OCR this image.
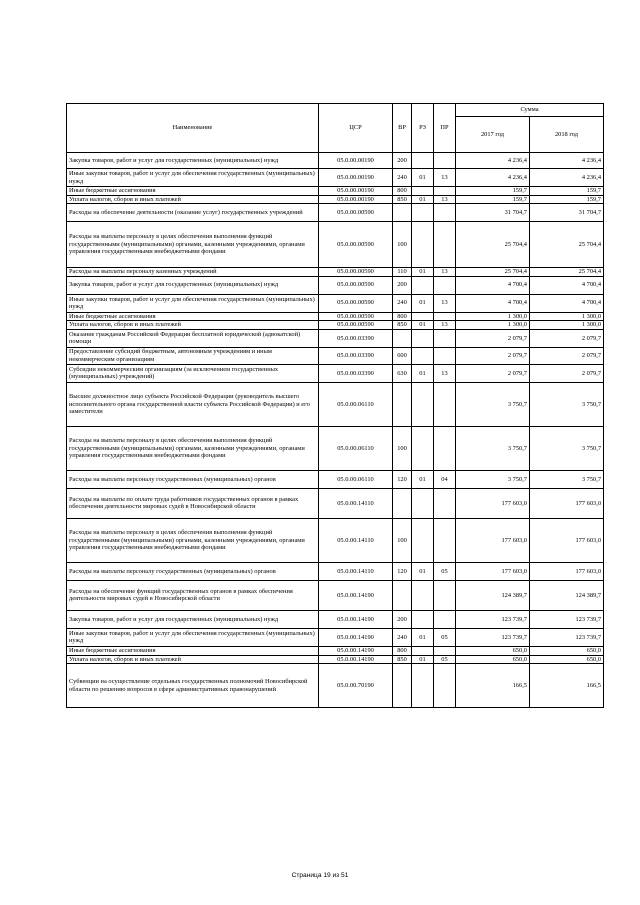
Наименование	ЦСР	ВР	РЗ	ПР	Сумма	
					2017 год	2018 год
Закупка товаров, работ и услуг для государственных (муниципальных) нужд	05.0.00.00190	200			4 236,4	4 236,4
Иные закупки товаров, работ и услуг для обеспечения государственных (муниципальных) нужд	05.0.00.00190	240	01	13	4 236,4	4 236,4
Иные бюджетные ассигнования	05.0.00.00190	800			159,7	159,7
Уплата налогов, сборов и иных платежей	05.0.00.00190	850	01	13	159,7	159,7
Расходы на обеспечение деятельности (оказание услуг) государственных учреждений	05.0.00.00590				31 704,7	31 704,7
Расходы на выплаты персоналу в целях обеспечения выполнения функций государственными (муниципальными) органами, казенными учреждениями, органами управления государственными внебюджетными фондами	05.0.00.00590	100			25 704,4	25 704,4
Расходы на выплаты персоналу казенных учреждений	05.0.00.00590	110	01	13	25 704,4	25 704,4
Закупка товаров, работ и услуг для государственных (муниципальных) нужд	05.0.00.00590	200			4 700,4	4 700,4
Иные закупки товаров, работ и услуг для обеспечения государственных (муниципальных) нужд	05.0.00.00590	240	01	13	4 700,4	4 700,4
Иные бюджетные ассигнования	05.0.00.00590	800			1 300,0	1 300,0
Уплата налогов, сборов и иных платежей	05.0.00.00590	850	01	13	1 300,0	1 300,0
Оказание гражданам Российской Федерации бесплатной юридической (адвокатской) помощи	05.0.00.03390				2 079,7	2 079,7
Предоставление субсидий бюджетным, автономным учреждениям и иным некоммерческим организациям	05.0.00.03390	600			2 079,7	2 079,7
Субсидии некоммерческим организациям (за исключением государственных (муниципальных) учреждений)	05.0.00.03390	630	01	13	2 079,7	2 079,7
Высшее должностное лицо субъекта Российской Федерации (руководитель высшего исполнительного органа государственной власти субъекта Российской Федерации) и его заместители	05.0.00.06110				3 750,7	3 750,7
Расходы на выплаты персоналу в целях обеспечения выполнения функций государственными (муниципальными) органами, казенными учреждениями, органами управления государственными внебюджетными фондами	05.0.00.06110	100			3 750,7	3 750,7
Расходы на выплаты персоналу государственных (муниципальных) органов	05.0.00.06110	120	01	04	3 750,7	3 750,7
Расходы на выплаты по оплате труда работников государственных органов в рамках обеспечения деятельности мировых судей в Новосибирской области	05.0.00.14110				177 603,0	177 603,0
Расходы на выплаты персоналу в целях обеспечения выполнения функций государственными (муниципальными) органами, казенными учреждениями, органами управления государственными внебюджетными фондами	05.0.00.14110	100			177 603,0	177 603,0
Расходы на выплаты персоналу государственных (муниципальных) органов	05.0.00.14110	120	01	05	177 603,0	177 603,0
Расходы на обеспечение функций государственных органов в рамках обеспечения деятельности мировых судей в Новосибирской области	05.0.00.14190				124 389,7	124 389,7
Закупка товаров, работ и услуг для государственных (муниципальных) нужд	05.0.00.14190	200			123 739,7	123 739,7
Иные закупки товаров, работ и услуг для обеспечения государственных (муниципальных) нужд	05.0.00.14190	240	01	05	123 739,7	123 739,7
Иные бюджетные ассигнования	05.0.00.14190	800			650,0	650,0
Уплата налогов, сборов и иных платежей	05.0.00.14190	850	01	05	650,0	650,0
Субвенции на осуществление отдельных государственных полномочий Новосибирской области по решению вопросов в сфере административных правонарушений	05.0.00.70190				166,5	166,5
Страница 19 из 51
